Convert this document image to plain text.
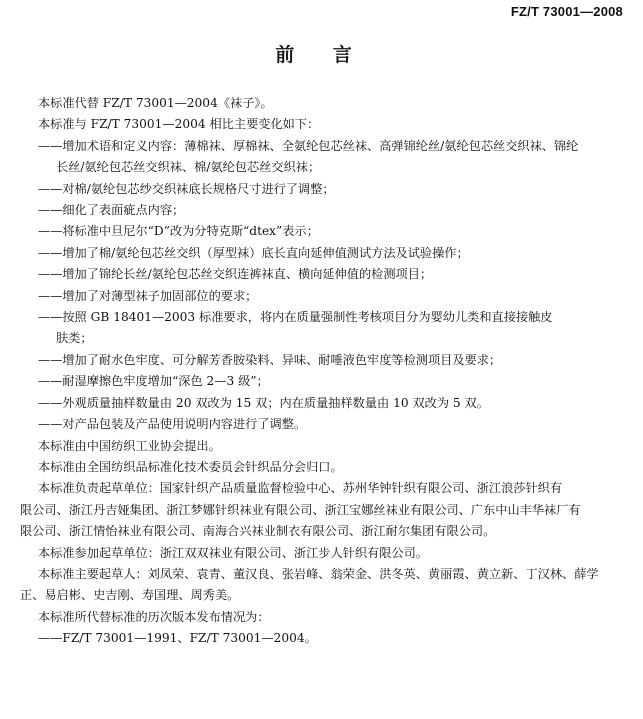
FZ/T 73001—2008
前 言
本标准代替 FZ/T 73001—2004《袜子》。
本标准与 FZ/T 73001—2004 相比主要变化如下：
——增加术语和定义内容：薄棉袜、厚棉袜、全氨纶包芯丝袜、高弹锦纶丝/氨纶包芯丝交织袜、锦纶
长丝/氨纶包芯丝交织袜、棉/氨纶包芯丝交织袜；
——对棉/氨纶包芯纱交织袜底长规格尺寸进行了调整；
——细化了表面疵点内容；
——将标准中旦尼尔“D”改为分特克斯“dtex”表示；
——增加了棉/氨纶包芯丝交织（厚型袜）底长直向延伸值测试方法及试验操作；
——增加了锦纶长丝/氨纶包芯丝交织连裤袜直、横向延伸值的检测项目；
——增加了对薄型袜子加固部位的要求；
——按照 GB 18401—2003 标准要求，将内在质量强制性考核项目分为婴幼儿类和直接接触皮
肤类；
——增加了耐水色牢度、可分解芳香胺染料、异味、耐唾液色牢度等检测项目及要求；
——耐湿摩擦色牢度增加“深色 2—3 级”；
——外观质量抽样数量由 20 双改为 15 双；内在质量抽样数量由 10 双改为 5 双。
——对产品包装及产品使用说明内容进行了调整。
本标准由中国纺织工业协会提出。
本标准由全国纺织品标准化技术委员会针织品分会归口。
本标准负责起草单位：国家针织产品质量监督检验中心、苏州华钟针织有限公司、浙江浪莎针织有
限公司、浙江丹吉娅集团、浙江梦娜针织袜业有限公司、浙江宝娜丝袜业有限公司、广东中山丰华袜厂有
限公司、浙江情怡袜业有限公司、南海合兴袜业制衣有限公司、浙江耐尔集团有限公司。
本标准参加起草单位：浙江双双袜业有限公司、浙江步人针织有限公司。
本标准主要起草人：刘凤荣、袁青、董汉良、张岩峰、翁荣金、洪冬英、黄丽霞、黄立新、丁汉林、薛学
正、易启彬、史吉刚、寿国理、周秀美。
本标准所代替标准的历次版本发布情况为：
——FZ/T 73001—1991、FZ/T 73001—2004。
